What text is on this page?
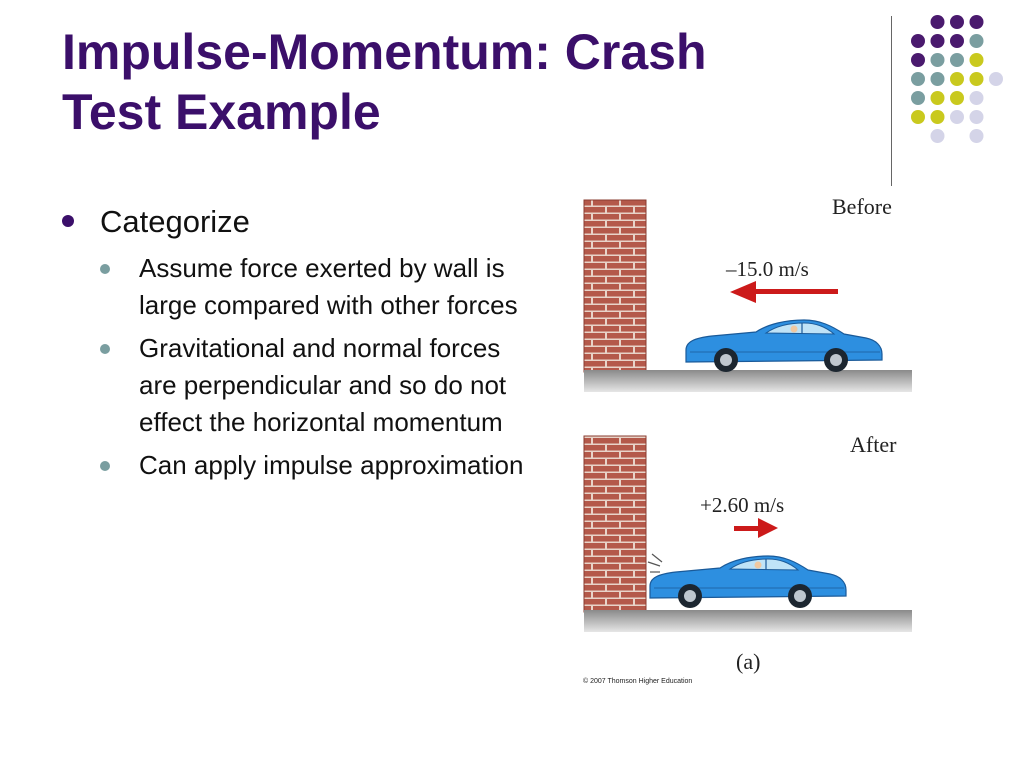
Impulse-Momentum: Crash
Test Example
Categorize
Assume force exerted by wall is large compared with other forces
Gravitational and normal forces are perpendicular and so do not effect the horizontal momentum
Can apply impulse approximation
Before
–15.0 m/s
After
+2.60 m/s
(a)
© 2007 Thomson Higher Education
